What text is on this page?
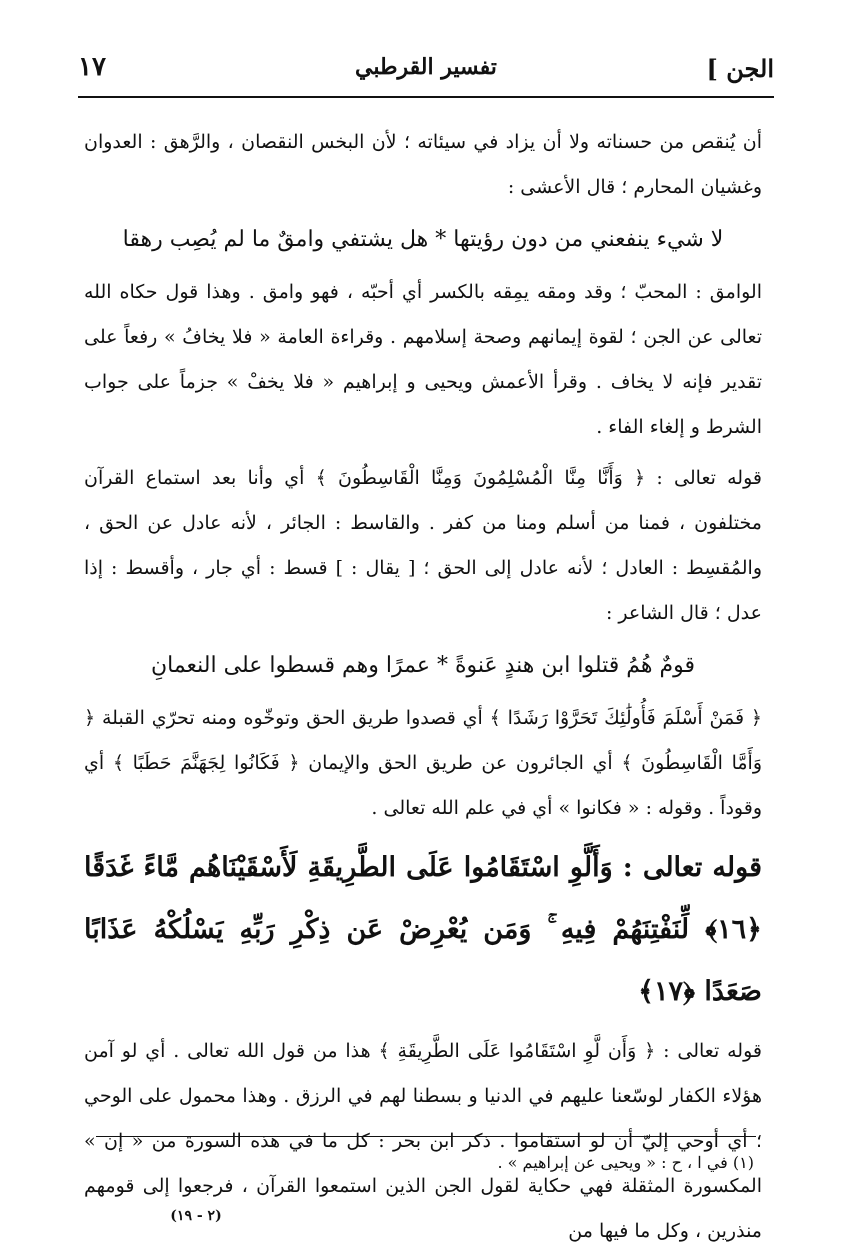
الجن ]
تفسير القرطبي
١٧

أن يُنقص من حسناته ولا أن يزاد في سيئاته ؛ لأن البخس النقصان ، والرَّهق : العدوان وغشيان المحارم ؛ قال الأعشى :

لا شيء ينفعني من دون رؤيتها * هل يشتفي وامقٌ ما لم يُصِب رهقا

الوامق : المحبّ ؛ وقد ومقه يمِقه بالكسر أي أحبّه ، فهو وامق . وهذا قول حكاه الله تعالى عن الجن ؛ لقوة إيمانهم وصحة إسلامهم . وقراءة العامة « فلا يخافُ » رفعاً على تقدير فإنه لا يخاف . وقرأ الأعمش ويحيى و إبراهيم « فلا يخفْ » جزماً على جواب الشرط و إلغاء الفاء .

قوله تعالى : ﴿ وَأَنَّا مِنَّا الْمُسْلِمُونَ وَمِنَّا الْقَاسِطُونَ ﴾ أي وأنا بعد استماع القرآن مختلفون ، فمنا من أسلم ومنا من كفر . والقاسط : الجائر ، لأنه عادل عن الحق ، والمُقسِط : العادل ؛ لأنه عادل إلى الحق ؛ [ يقال : ] قسط : أي جار ، وأقسط : إذا عدل ؛ قال الشاعر :

قومٌ هُمُ قتلوا ابن هندٍ عَنوةً * عمرًا وهم قسطوا على النعمانِ

﴿ فَمَنْ أَسْلَمَ فَأُولَٰئِكَ تَحَرَّوْا رَشَدًا ﴾ أي قصدوا طريق الحق وتوخّوه ومنه تحرّي القبلة ﴿ وَأَمَّا الْقَاسِطُونَ ﴾ أي الجائرون عن طريق الحق والإيمان ﴿ فَكَانُوا لِجَهَنَّمَ حَطَبًا ﴾ أي وقوداً . وقوله : « فكانوا » أي في علم الله تعالى .

قوله تعالى : وَأَلَّوِ اسْتَقَامُوا عَلَى الطَّرِيقَةِ لَأَسْقَيْنَاهُم مَّاءً غَدَقًا ﴿١٦﴾ لِّنَفْتِنَهُمْ فِيهِ ۚ وَمَن يُعْرِضْ عَن ذِكْرِ رَبِّهِ يَسْلُكْهُ عَذَابًا صَعَدًا ﴿١٧﴾

قوله تعالى : ﴿ وَأَن لَّوِ اسْتَقَامُوا عَلَى الطَّرِيقَةِ ﴾ هذا من قول الله تعالى . أي لو آمن هؤلاء الكفار لوسّعنا عليهم في الدنيا و بسطنا لهم في الرزق . وهذا محمول على الوحي ؛ أي أوحي إليّ أن لو استقاموا . ذكر ابن بحر : كل ما في هذه السورة من « إن » المكسورة المثقلة فهي حكاية لقول الجن الذين استمعوا القرآن ، فرجعوا إلى قومهم منذرين ، وكل ما فيها من

(١) في ا ، ح : « ويحيى عن إبراهيم » .
(٢ - ١٩)
